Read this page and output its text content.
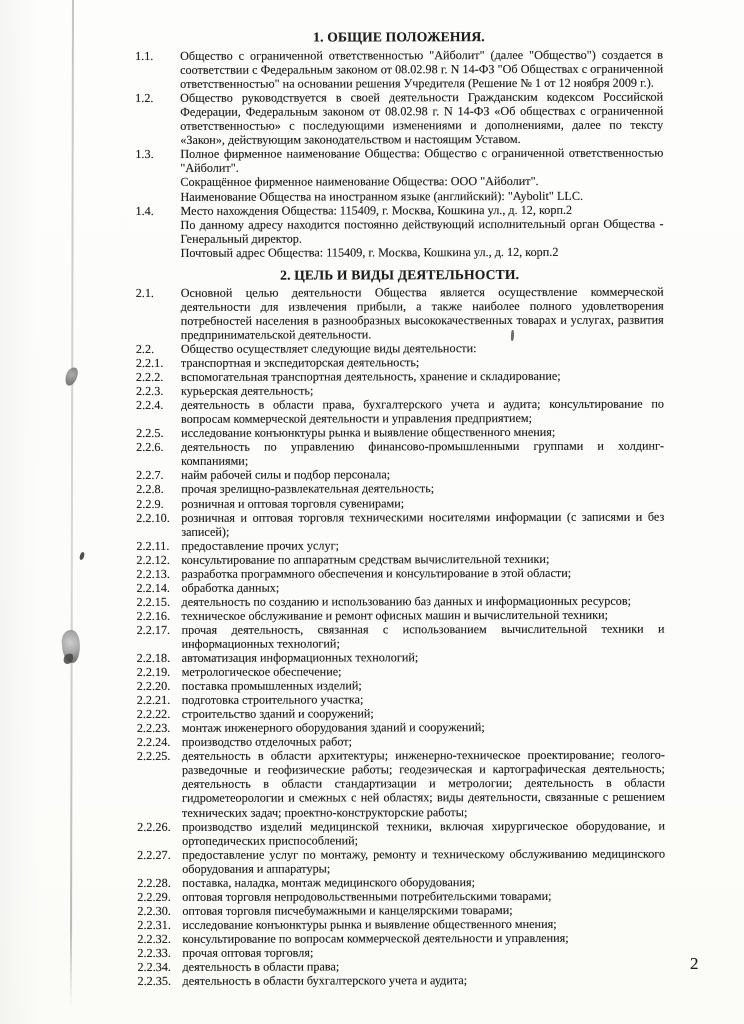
1. ОБЩИЕ ПОЛОЖЕНИЯ.
1.1.	Общество с ограниченной ответственностью "Айболит" (далее "Общество") создается в соответствии с Федеральным законом от 08.02.98 г. N 14-ФЗ "Об Обществах с ограниченной ответственностью" на основании решения Учредителя (Решение № 1 от 12 ноября 2009 г.).

1.2.	Общество руководствуется в своей деятельности Гражданским кодексом Российской Федерации, Федеральным законом от 08.02.98 г. N 14-ФЗ «Об обществах с ограниченной ответственностью» с последующими изменениями и дополнениями, далее по тексту «Закон», действующим законодательством и настоящим Уставом.

1.3.	Полное фирменное наименование Общества: Общество с ограниченной ответственностью "Айболит".

Сокращённое фирменное наименование Общества: ООО "Айболит".

Наименование Общества на иностранном языке (английский): "Aybolit" LLC.

1.4.	Место нахождения Общества: 115409, г. Москва, Кошкина ул., д. 12, корп.2

По данному адресу находится постоянно действующий исполнительный орган Общества - Генеральный директор.

Почтовый адрес Общества: 115409, г. Москва, Кошкина ул., д. 12, корп.2

2. ЦЕЛЬ И ВИДЫ ДЕЯТЕЛЬНОСТИ.
2.1.	Основной целью деятельности Общества является осуществление коммерческой деятельности для извлечения прибыли, а также наиболее полного удовлетворения потребностей населения в разнообразных высококачественных товарах и услугах, развития предпринимательской деятельности.

2.2.	Общество осуществляет следующие виды деятельности:

2.2.1.	транспортная и экспедиторская деятельность;

2.2.2.	вспомогательная транспортная деятельность, хранение и складирование;

2.2.3.	курьерская деятельность;

2.2.4.	деятельность в области права, бухгалтерского учета и аудита; консультирование по вопросам коммерческой деятельности и управления предприятием;

2.2.5.	исследование конъюнктуры рынка и выявление общественного мнения;

2.2.6.	деятельность по управлению финансово-промышленными группами и холдинг-компаниями;

2.2.7.	найм рабочей силы и подбор персонала;

2.2.8.	прочая зрелищно-развлекательная деятельность;

2.2.9.	розничная и оптовая торговля сувенирами;

2.2.10. розничная и оптовая торговля техническими носителями информации (с записями и без записей);

2.2.11. предоставление прочих услуг;

2.2.12. консультирование по аппаратным средствам вычислительной техники;

2.2.13. разработка программного обеспечения и консультирование в этой области;

2.2.14. обработка данных;

2.2.15. деятельность по созданию и использованию баз данных и информационных ресурсов;

2.2.16. техническое обслуживание и ремонт офисных машин и вычислительной техники;

2.2.17. прочая деятельность, связанная с использованием вычислительной техники и информационных технологий;

2.2.18. автоматизация информационных технологий;

2.2.19. метрологическое обеспечение;

2.2.20. поставка промышленных изделий;

2.2.21. подготовка строительного участка;

2.2.22. строительство зданий и сооружений;

2.2.23. монтаж инженерного оборудования зданий и сооружений;

2.2.24. производство отделочных работ;

2.2.25. деятельность в области архитектуры; инженерно-техническое проектирование; геолого-разведочные и геофизические работы; геодезическая и картографическая деятельность; деятельность в области стандартизации и метрологии; деятельность в области гидрометеорологии и смежных с ней областях; виды деятельности, связанные с решением технических задач; проектно-конструкторские работы;

2.2.26. производство изделий медицинской техники, включая хирургическое оборудование, и ортопедических приспособлений;

2.2.27. предоставление услуг по монтажу, ремонту и техническому обслуживанию медицинского оборудования и аппаратуры;

2.2.28. поставка, наладка, монтаж медицинского оборудования;

2.2.29. оптовая торговля непродовольственными потребительскими товарами;

2.2.30. оптовая торговля писчебумажными и канцелярскими товарами;

2.2.31. исследование конъюнктуры рынка и выявление общественного мнения;

2.2.32. консультирование по вопросам коммерческой деятельности и управления;

2.2.33. прочая оптовая торговля;

2.2.34. деятельность в области права;

2.2.35. деятельность в области бухгалтерского учета и аудита;

2
